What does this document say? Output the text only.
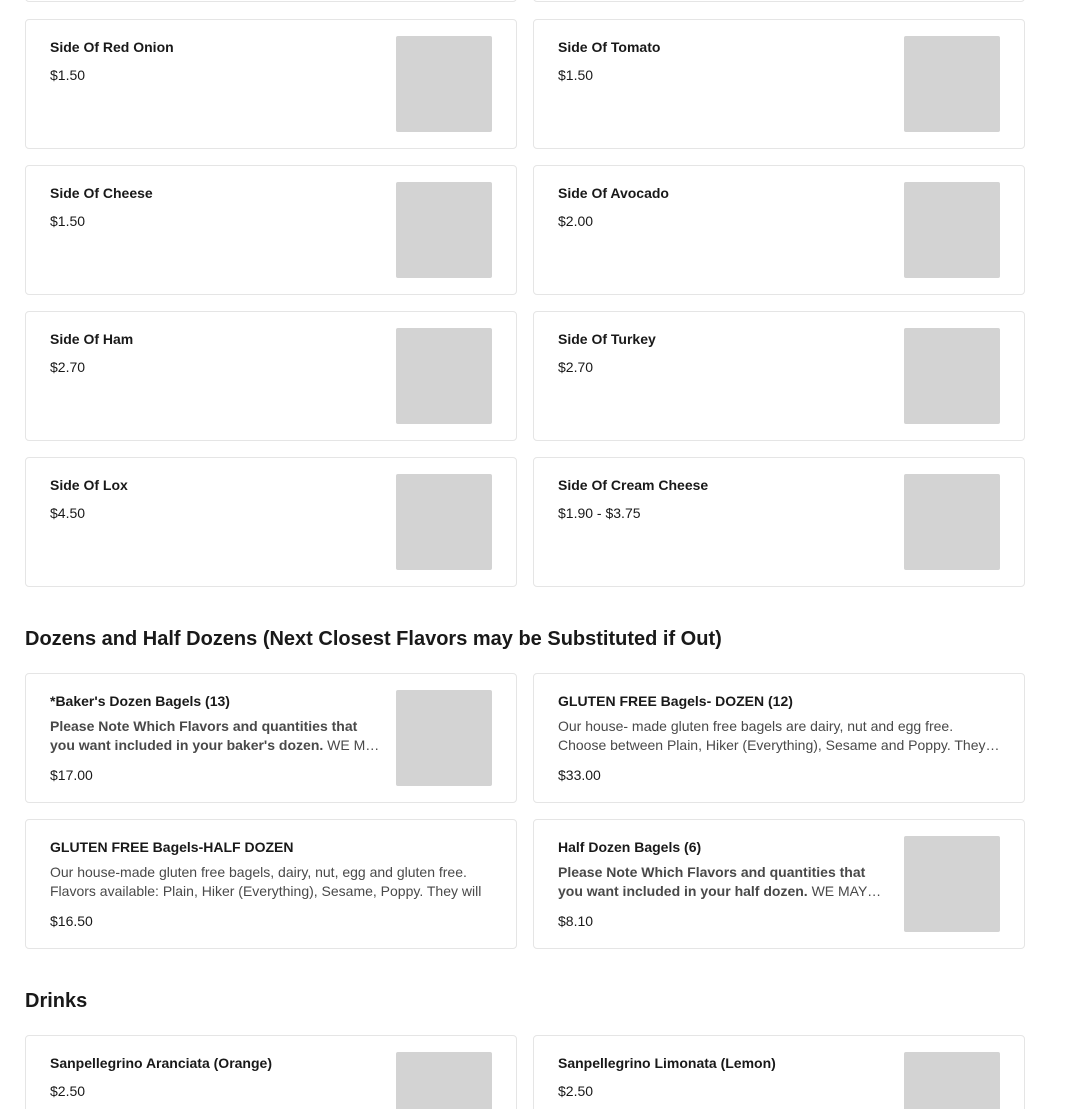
Side Of Red Onion
$1.50
Side Of Tomato
$1.50
Side Of Cheese
$1.50
Side Of Avocado
$2.00
Side Of Ham
$2.70
Side Of Turkey
$2.70
Side Of Lox
$4.50
Side Of Cream Cheese
$1.90 - $3.75
Dozens and Half Dozens (Next Closest Flavors may be Substituted if Out)
*Baker's Dozen Bagels (13)
Please Note Which Flavors and quantities that you want included in your baker's dozen. WE MAY
$17.00
GLUTEN FREE Bagels- DOZEN (12)
Our house- made gluten free bagels are dairy, nut and egg free. Choose between Plain, Hiker (Everything), Sesame and Poppy. They
$33.00
GLUTEN FREE Bagels-HALF DOZEN
Our house-made gluten free bagels, dairy, nut, egg and gluten free. Flavors available: Plain, Hiker (Everything), Sesame, Poppy. They will
$16.50
Half Dozen Bagels (6)
Please Note Which Flavors and quantities that you want included in your half dozen. WE MAY
$8.10
Drinks
Sanpellegrino Aranciata (Orange)
$2.50
Sanpellegrino Limonata (Lemon)
$2.50
